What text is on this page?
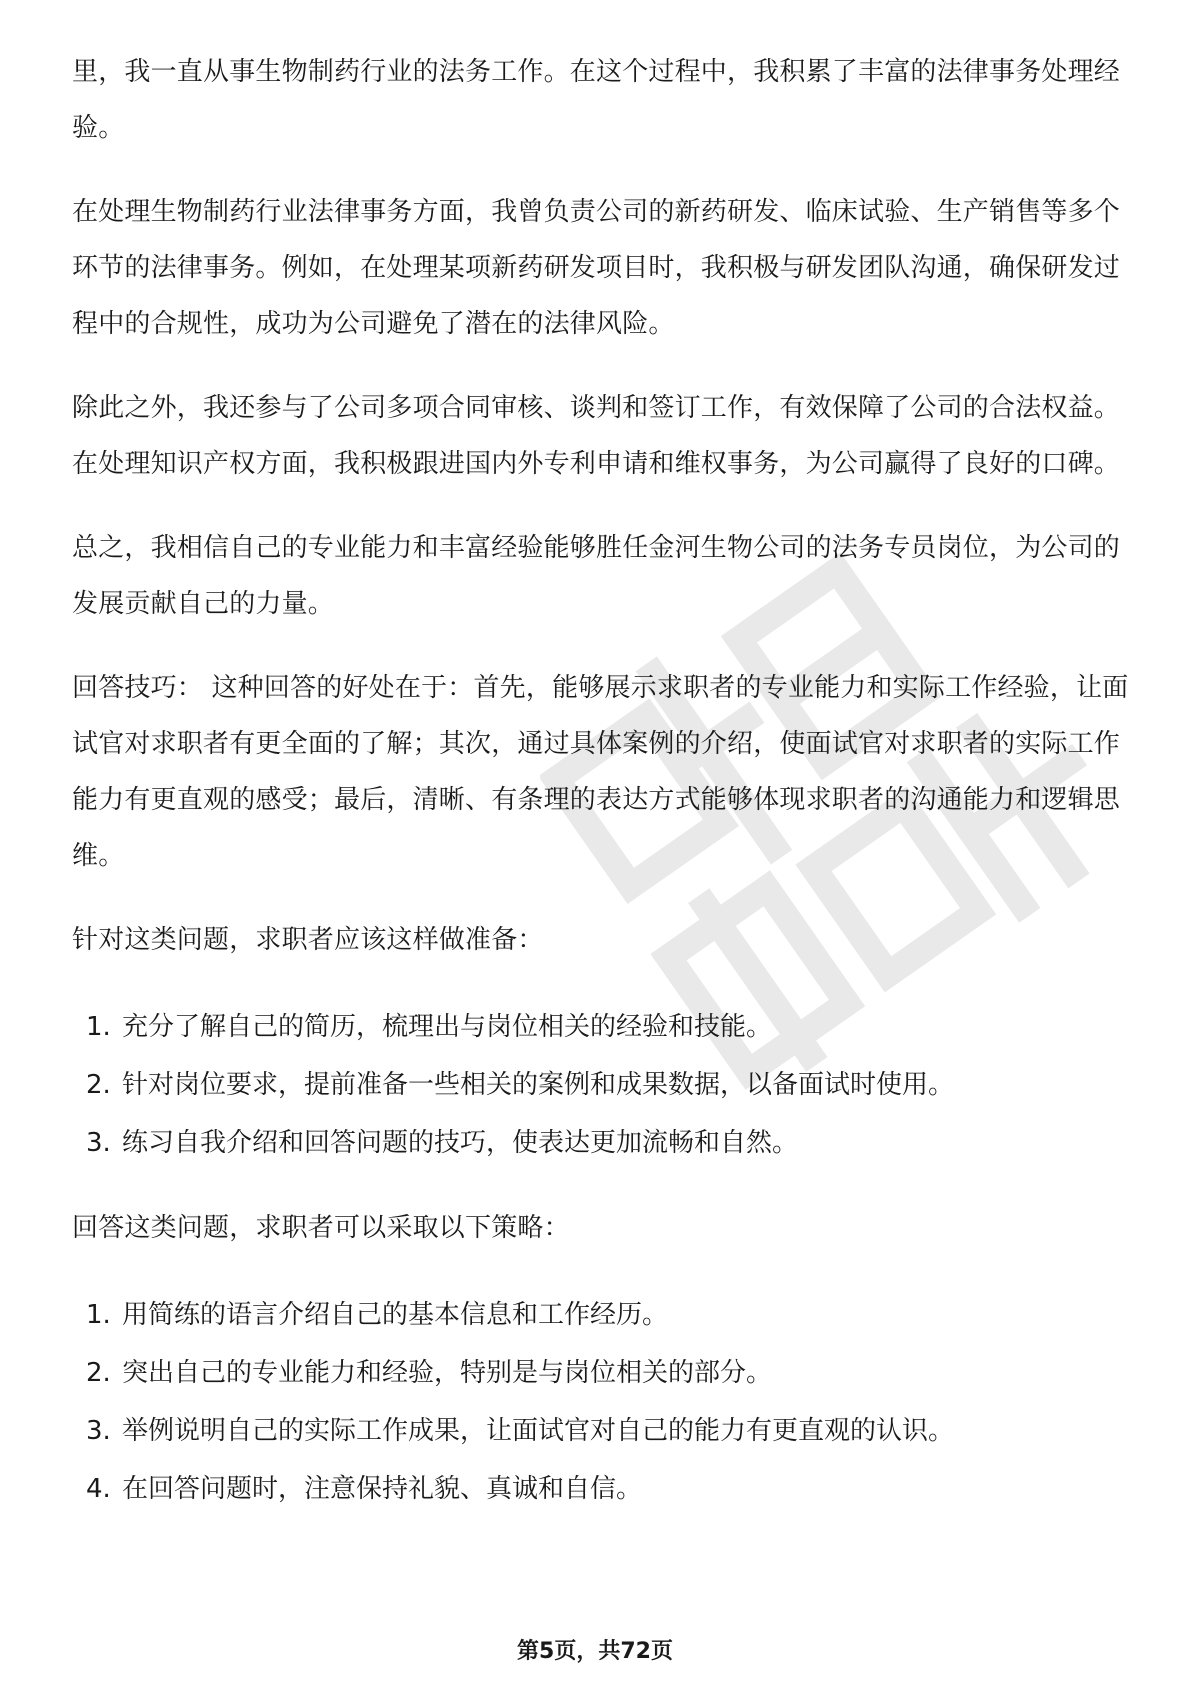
里，我一直从事生物制药行业的法务工作。在这个过程中，我积累了丰富的法律事务处理经验。

在处理生物制药行业法律事务方面，我曾负责公司的新药研发、临床试验、生产销售等多个环节的法律事务。例如，在处理某项新药研发项目时，我积极与研发团队沟通，确保研发过程中的合规性，成功为公司避免了潜在的法律风险。

除此之外，我还参与了公司多项合同审核、谈判和签订工作，有效保障了公司的合法权益。在处理知识产权方面，我积极跟进国内外专利申请和维权事务，为公司赢得了良好的口碑。

总之，我相信自己的专业能力和丰富经验能够胜任金河生物公司的法务专员岗位，为公司的发展贡献自己的力量。

回答技巧： 这种回答的好处在于：首先，能够展示求职者的专业能力和实际工作经验，让面试官对求职者有更全面的了解；其次，通过具体案例的介绍，使面试官对求职者的实际工作能力有更直观的感受；最后，清晰、有条理的表达方式能够体现求职者的沟通能力和逻辑思维。

针对这类问题，求职者应该这样做准备：

1. 充分了解自己的简历，梳理出与岗位相关的经验和技能。
2. 针对岗位要求，提前准备一些相关的案例和成果数据，以备面试时使用。
3. 练习自我介绍和回答问题的技巧，使表达更加流畅和自然。

回答这类问题，求职者可以采取以下策略：

1. 用简练的语言介绍自己的基本信息和工作经历。
2. 突出自己的专业能力和经验，特别是与岗位相关的部分。
3. 举例说明自己的实际工作成果，让面试官对自己的能力有更直观的认识。
4. 在回答问题时，注意保持礼貌、真诚和自信。
第5页，共72页
